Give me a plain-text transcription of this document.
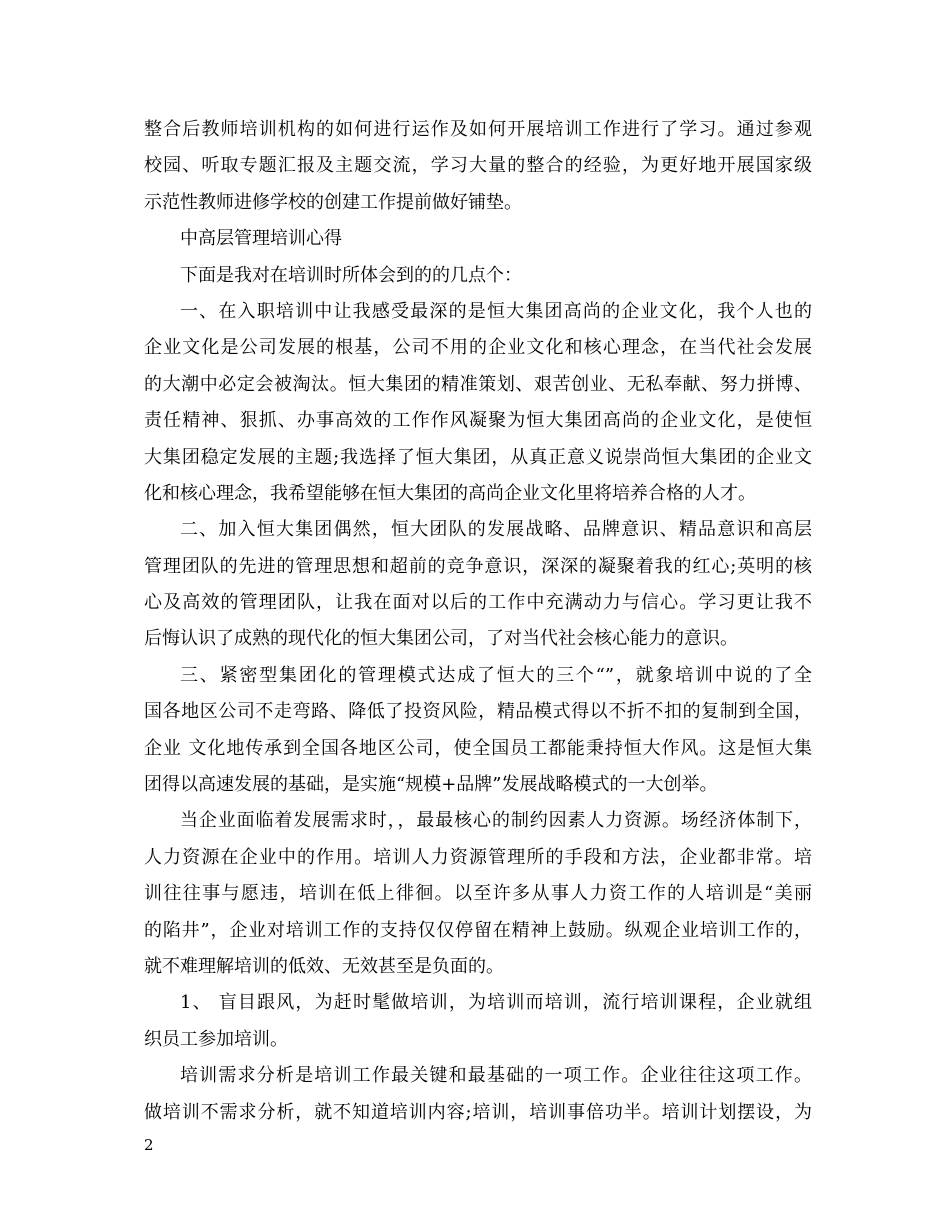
整合后教师培训机构的如何进行运作及如何开展培训工作进行了学习。通过参观
校园、听取专题汇报及主题交流，学习大量的整合的经验，为更好地开展国家级
示范性教师进修学校的创建工作提前做好铺垫。
中高层管理培训心得
下面是我对在培训时所体会到的的几点个：
一、在入职培训中让我感受最深的是恒大集团高尚的企业文化，我个人也的
企业文化是公司发展的根基，公司不用的企业文化和核心理念，在当代社会发展
的大潮中必定会被淘汰。恒大集团的精准策划、艰苦创业、无私奉献、努力拼博、
责任精神、狠抓、办事高效的工作作风凝聚为恒大集团高尚的企业文化，是使恒
大集团稳定发展的主题;我选择了恒大集团，从真正意义说崇尚恒大集团的企业文
化和核心理念，我希望能够在恒大集团的高尚企业文化里将培养合格的人才。
二、加入恒大集团偶然，恒大团队的发展战略、品牌意识、精品意识和高层
管理团队的先进的管理思想和超前的竞争意识，深深的凝聚着我的红心;英明的核
心及高效的管理团队，让我在面对以后的工作中充满动力与信心。学习更让我不
后悔认识了成熟的现代化的恒大集团公司，了对当代社会核心能力的意识。
三、紧密型集团化的管理模式达成了恒大的三个“”，就象培训中说的了全
国各地区公司不走弯路、降低了投资风险，精品模式得以不折不扣的复制到全国，
企业 文化地传承到全国各地区公司，使全国员工都能秉持恒大作风。这是恒大集
团得以高速发展的基础，是实施“规模+品牌”发展战略模式的一大创举。
当企业面临着发展需求时，，最最核心的制约因素人力资源。场经济体制下，
人力资源在企业中的作用。培训人力资源管理所的手段和方法，企业都非常。培
训往往事与愿违，培训在低上徘徊。以至许多从事人力资工作的人培训是“美丽
的陷井”，企业对培训工作的支持仅仅停留在精神上鼓励。纵观企业培训工作的，
就不难理解培训的低效、无效甚至是负面的。
1、 盲目跟风，为赶时髦做培训，为培训而培训，流行培训课程，企业就组
织员工参加培训。
培训需求分析是培训工作最关键和最基础的一项工作。企业往往这项工作。
做培训不需求分析，就不知道培训内容;培训，培训事倍功半。培训计划摆设，为
2
